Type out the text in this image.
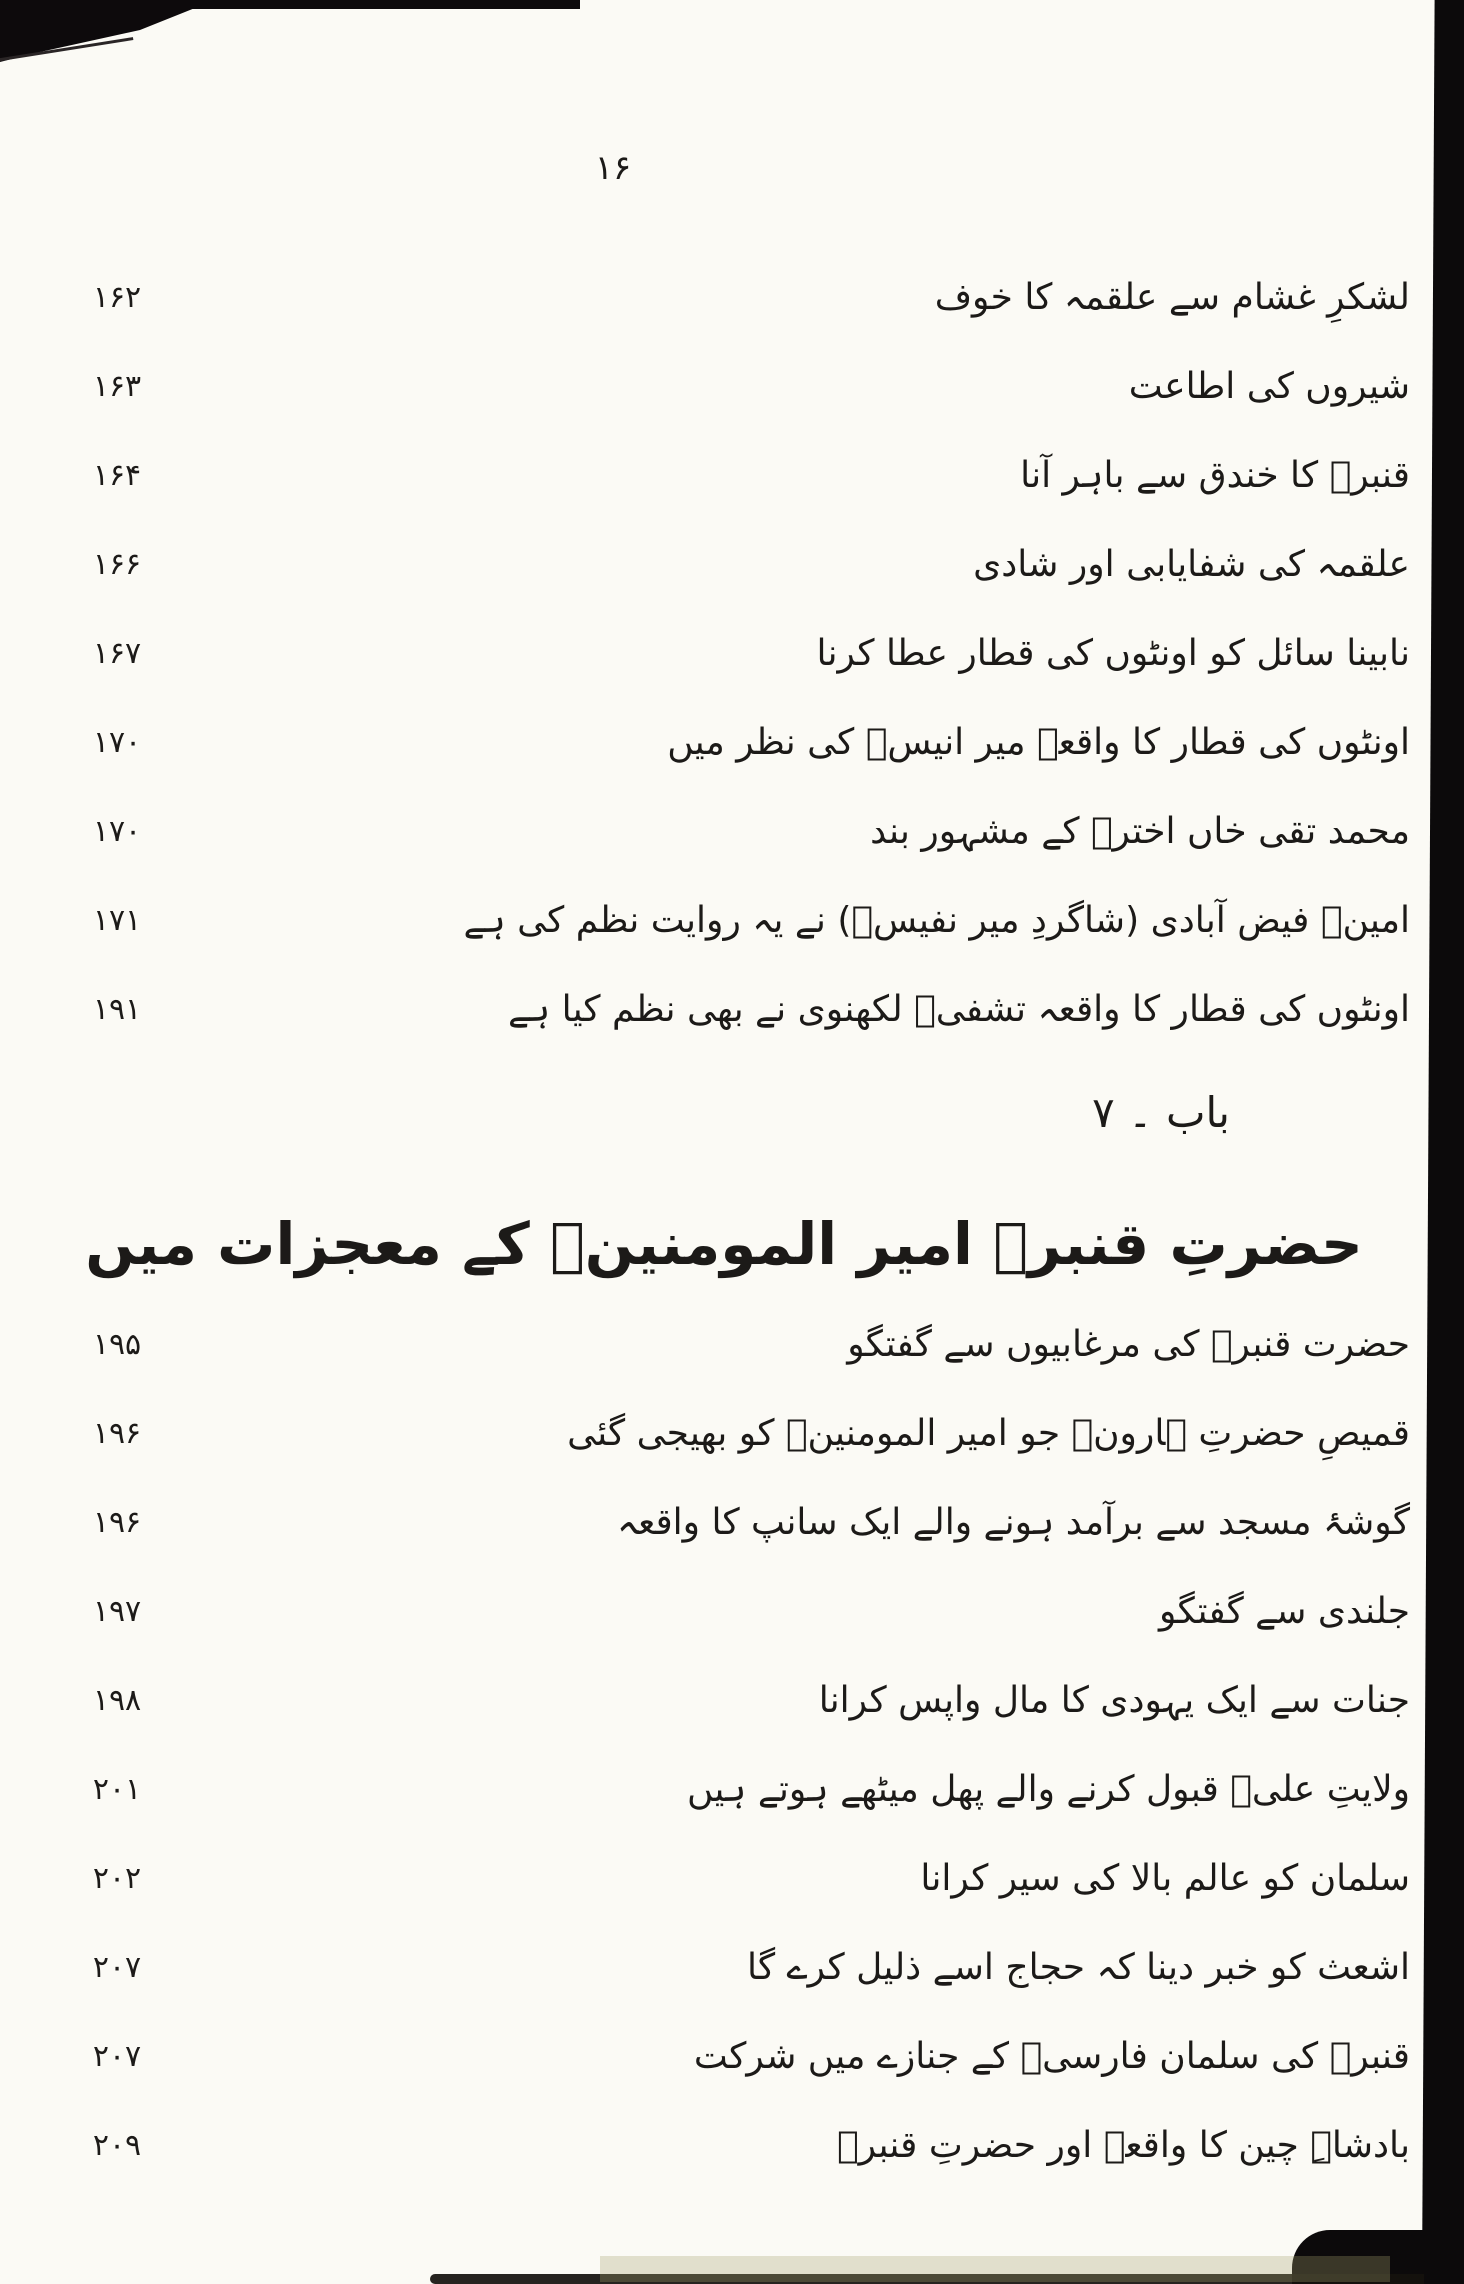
۱۶
۱۶۲	لشکرِ غشام سے علقمہ کا خوف
۱۶۳	شیروں کی اطاعت
۱۶۴	قنبرؑ کا خندق سے باہر آنا
۱۶۶	علقمہ کی شفایابی اور شادی
۱۶۷	نابینا سائل کو اونٹوں کی قطار عطا کرنا
۱۷۰	اونٹوں کی قطار کا واقعہ میر انیسؔ کی نظر میں
۱۷۰	محمد تقی خاں اخترؔ کے مشہور بند
۱۷۱	امینؔ فیض آبادی (شاگردِ میر نفیسؔ) نے یہ روایت نظم کی ہے
۱۹۱	اونٹوں کی قطار کا واقعہ تشفیؔ لکھنوی نے بھی نظم کیا ہے
باب ۔ ۷
حضرتِ قنبرؑ امیر المومنینؑ کے معجزات میں
۱۹۵	حضرت قنبرؑ کی مرغابیوں سے گفتگو
۱۹۶	قمیصِ حضرتِ ہارونؑ جو امیر المومنینؑ کو بھیجی گئی
۱۹۶	گوشۂ مسجد سے برآمد ہونے والے ایک سانپ کا واقعہ
۱۹۷	جلندی سے گفتگو
۱۹۸	جنات سے ایک یہودی کا مال واپس کرانا
۲۰۱	ولایتِ علیؑ قبول کرنے والے پھل میٹھے ہوتے ہیں
۲۰۲	سلمان کو عالم بالا کی سیر کرانا
۲۰۷	اشعث کو خبر دینا کہ حجاج اسے ذلیل کرے گا
۲۰۷	قنبرؑ کی سلمان فارسیؑ کے جنازے میں شرکت
۲۰۹	بادشاہِ چین کا واقعہ اور حضرتِ قنبرؑ
